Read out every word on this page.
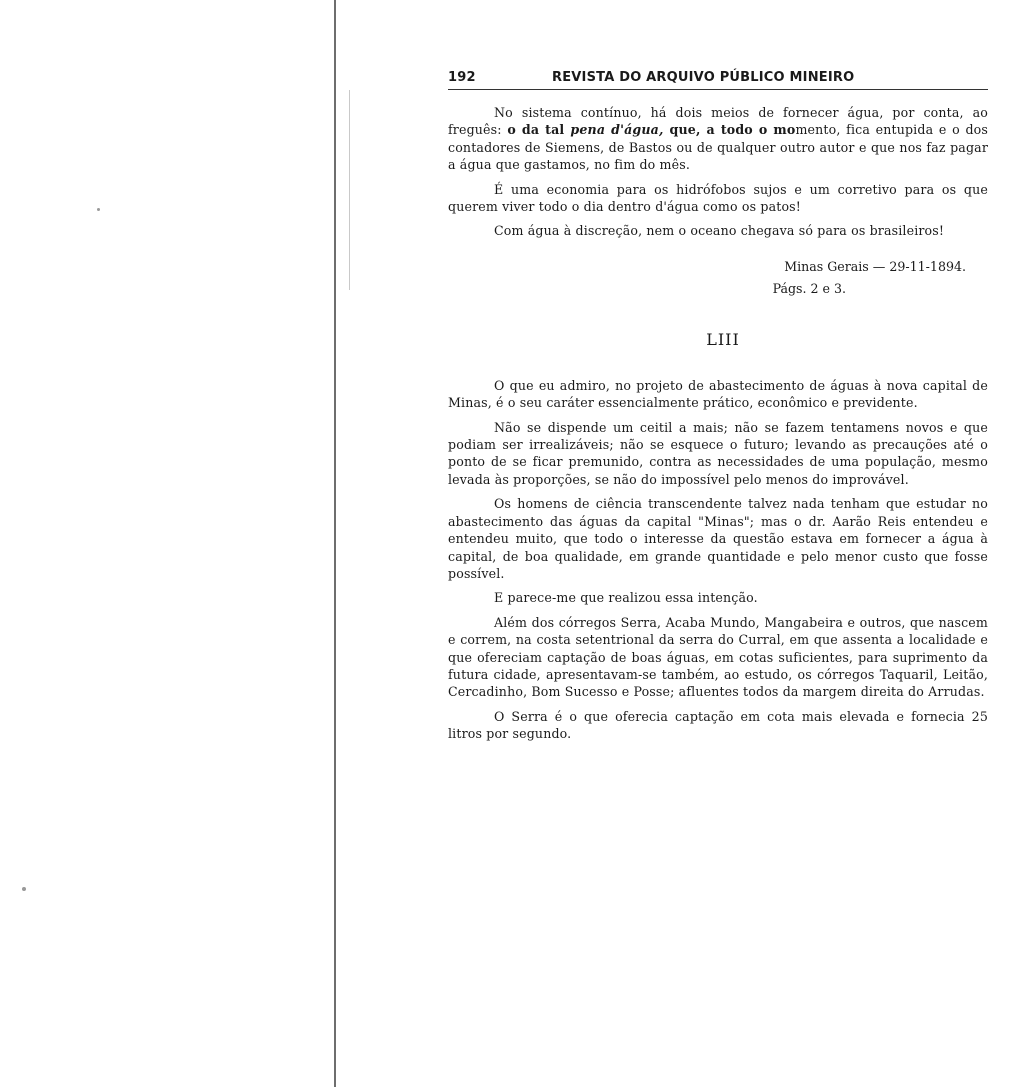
192	REVISTA DO ARQUIVO PÚBLICO MINEIRO

No sistema contínuo, há dois meios de fornecer água, por conta, ao freguês: o da tal pena d'água, que, a todo o momento, fica entupida e o dos contadores de Siemens, de Bastos ou de qualquer outro autor e que nos faz pagar a água que gastamos, no fim do mês.

É uma economia para os hidrófobos sujos e um corretivo para os que querem viver todo o dia dentro d'água como os patos!

Com água à discreção, nem o oceano chegava só para os brasileiros!

Minas Gerais — 29-11-1894.
Págs. 2 e 3.
LIII

O que eu admiro, no projeto de abastecimento de águas à nova capital de Minas, é o seu caráter essencialmente prático, econômico e previdente.

Não se dispende um ceitil a mais; não se fazem tentamens novos e que podiam ser irrealizáveis; não se esquece o futuro; levando as precauções até o ponto de se ficar premunido, contra as necessidades de uma população, mesmo levada às proporções, se não do impossível pelo menos do improvável.

Os homens de ciência transcendente talvez nada tenham que estudar no abastecimento das águas da capital "Minas"; mas o dr. Aarão Reis entendeu e entendeu muito, que todo o interesse da questão estava em fornecer a água à capital, de boa qualidade, em grande quantidade e pelo menor custo que fosse possível.

E parece-me que realizou essa intenção.

Além dos córregos Serra, Acaba Mundo, Mangabeira e outros, que nascem e correm, na costa setentrional da serra do Curral, em que assenta a localidade e que ofereciam captação de boas águas, em cotas suficientes, para suprimento da futura cidade, apresentavam-se também, ao estudo, os córregos Taquaril, Leitão, Cercadinho, Bom Sucesso e Posse; afluentes todos da margem direita do Arrudas.

O Serra é o que oferecia captação em cota mais elevada e fornecia 25 litros por segundo.
